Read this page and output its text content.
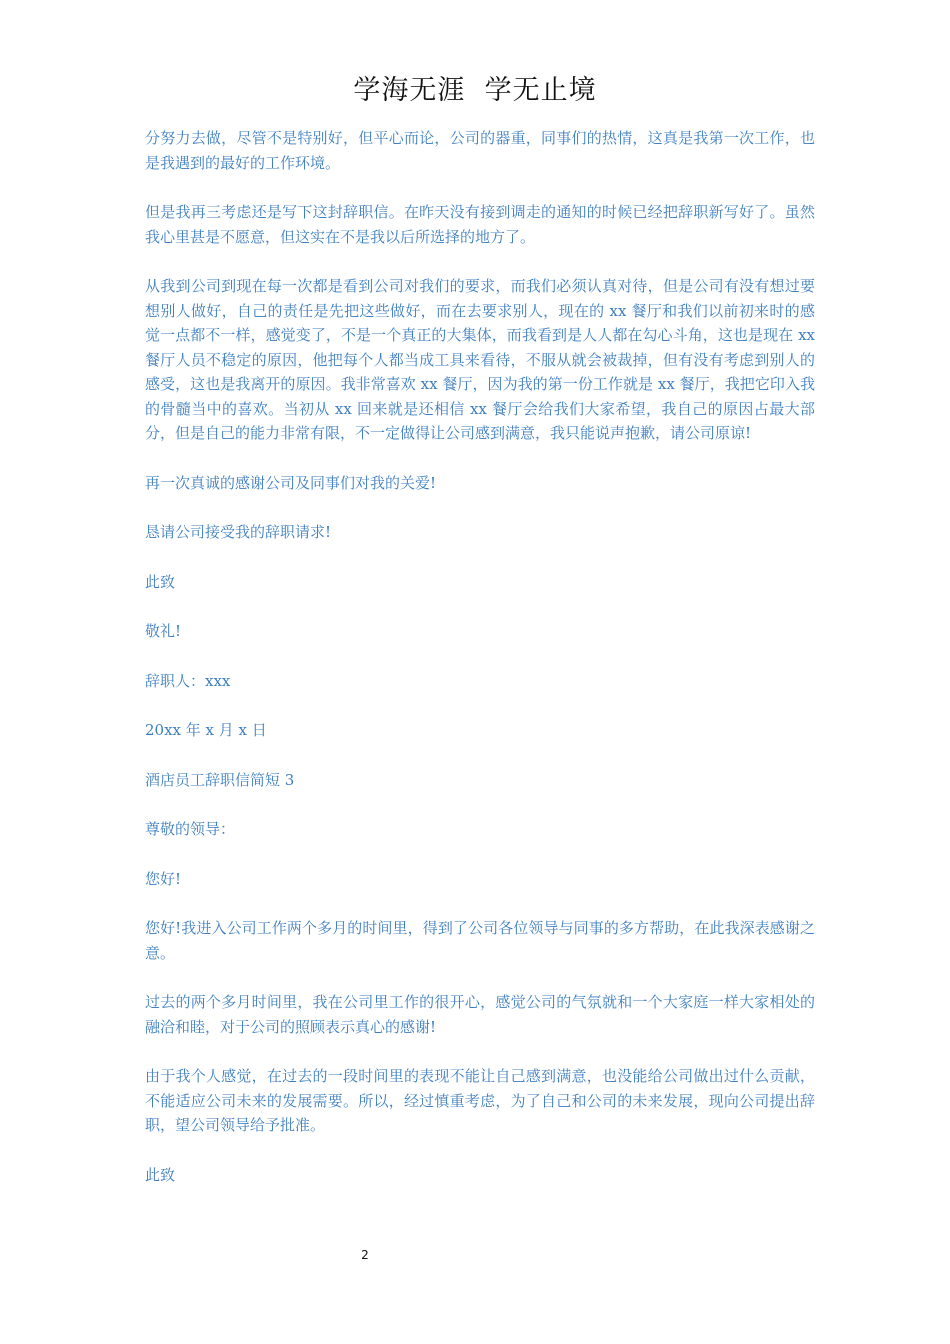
学海无涯  学无止境

分努力去做，尽管不是特别好，但平心而论，公司的器重，同事们的热情，这真是我第一次工作，也是我遇到的最好的工作环境。

但是我再三考虑还是写下这封辞职信。在昨天没有接到调走的通知的时候已经把辞职新写好了。虽然我心里甚是不愿意，但这实在不是我以后所选择的地方了。

从我到公司到现在每一次都是看到公司对我们的要求，而我们必须认真对待，但是公司有没有想过要想别人做好，自己的责任是先把这些做好，而在去要求别人，现在的 xx 餐厅和我们以前初来时的感觉一点都不一样，感觉变了，不是一个真正的大集体，而我看到是人人都在勾心斗角，这也是现在 xx 餐厅人员不稳定的原因，他把每个人都当成工具来看待，不服从就会被裁掉，但有没有考虑到别人的感受，这也是我离开的原因。我非常喜欢 xx 餐厅，因为我的第一份工作就是 xx 餐厅，我把它印入我的骨髓当中的喜欢。当初从 xx 回来就是还相信 xx 餐厅会给我们大家希望，我自己的原因占最大部分，但是自己的能力非常有限，不一定做得让公司感到满意，我只能说声抱歉，请公司原谅!

再一次真诚的感谢公司及同事们对我的关爱!

恳请公司接受我的辞职请求!

此致

敬礼!

辞职人：xxx

20xx 年 x 月 x 日

酒店员工辞职信简短 3

尊敬的领导：

您好!

您好!我进入公司工作两个多月的时间里，得到了公司各位领导与同事的多方帮助，在此我深表感谢之意。

过去的两个多月时间里，我在公司里工作的很开心，感觉公司的气氛就和一个大家庭一样大家相处的融洽和睦，对于公司的照顾表示真心的感谢!

由于我个人感觉，在过去的一段时间里的表现不能让自己感到满意，也没能给公司做出过什么贡献，不能适应公司未来的发展需要。所以，经过慎重考虑，为了自己和公司的未来发展，现向公司提出辞职，望公司领导给予批准。

此致

2
